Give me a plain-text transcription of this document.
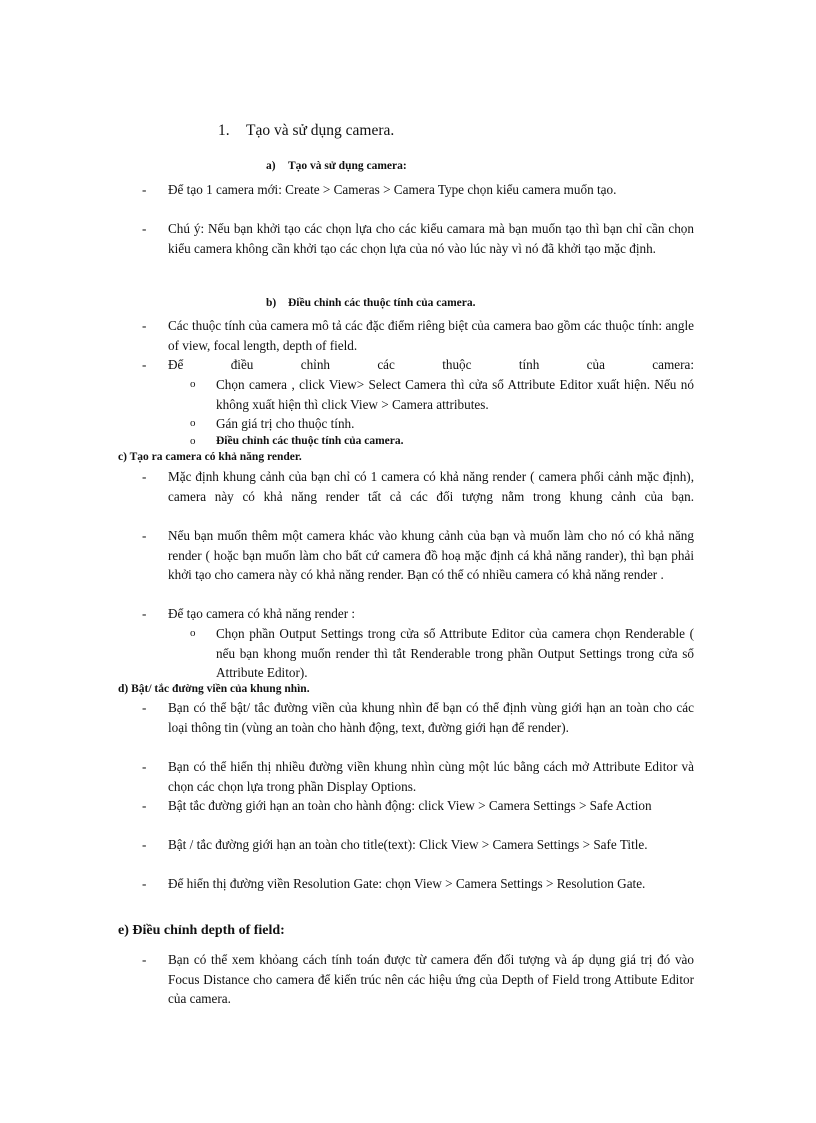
1. Tạo và sử dụng camera.
a) Tạo và sử dụng camera:
- Để tạo 1 camera mới: Create > Cameras > Camera Type chọn kiểu camera muốn tạo.
- Chú ý: Nếu bạn khởi tạo các chọn lựa cho các kiểu camara mà bạn muốn tạo thì bạn chỉ cần chọn kiểu camera không cần khởi tạo các chọn lựa của nó vào lúc này vì nó đã khởi tạo mặc định.
b) Điều chỉnh các thuộc tính của camera.
- Các thuộc tính của camera mô tả các đặc điểm riêng biệt của camera bao gồm các thuộc tính: angle of view, focal length, depth of field.
- Để điều chỉnh các thuộc tính của camera:
o Chọn camera , click View> Select Camera thì cửa sổ Attribute Editor xuất hiện. Nếu nó không xuất hiện thì click View > Camera attributes.
o Gán giá trị cho thuộc tính.
o Điều chỉnh các thuộc tính của camera.
c) Tạo ra camera có khả năng render.
- Mặc định khung cảnh của bạn chỉ có 1 camera có khả năng render ( camera phối cảnh mặc định), camera này có khả năng render tất cả các đối tượng nằm trong khung cảnh của bạn.
- Nếu bạn muốn thêm một camera khác vào khung cảnh của bạn và muốn làm cho nó có khả năng render ( hoặc bạn muốn làm cho bất cứ camera đồ hoạ mặc định cá khả năng rander), thì bạn phải khởi tạo cho camera này có khả năng render. Bạn có thể có nhiều camera có khả năng render .
- Để tạo camera có khả năng render :
o Chọn phần Output Settings trong cửa sổ Attribute Editor của camera chọn Renderable ( nếu bạn khong muốn render thì tắt Renderable trong phần Output Settings trong cửa sổ Attribute Editor).
d) Bật/ tắc đường viền của khung nhìn.
- Bạn có thể bật/ tắc đường viền của khung nhìn để bạn có thể định vùng giới hạn an toàn cho các loại thông tin (vùng an toàn cho hành động, text, đường giới hạn để render).
- Bạn có thể hiển thị nhiều đường viền khung nhìn cùng một lúc bằng cách mở Attribute Editor và chọn các chọn lựa trong phần Display Options.
- Bật tắc đường giới hạn an toàn cho hành động: click View > Camera Settings > Safe Action
- Bật / tắc đường giới hạn an toàn cho title(text): Click View > Camera Settings > Safe Title.
- Để hiển thị đường viền Resolution Gate: chọn View > Camera Settings > Resolution Gate.
e) Điều chỉnh depth of field:
- Bạn có thể xem khỏang cách tính toán được từ camera đến đối tượng và áp dụng giá trị đó vào Focus Distance cho camera để kiến trúc nên các hiệu ứng của Depth of Field trong Attibute Editor của camera.
